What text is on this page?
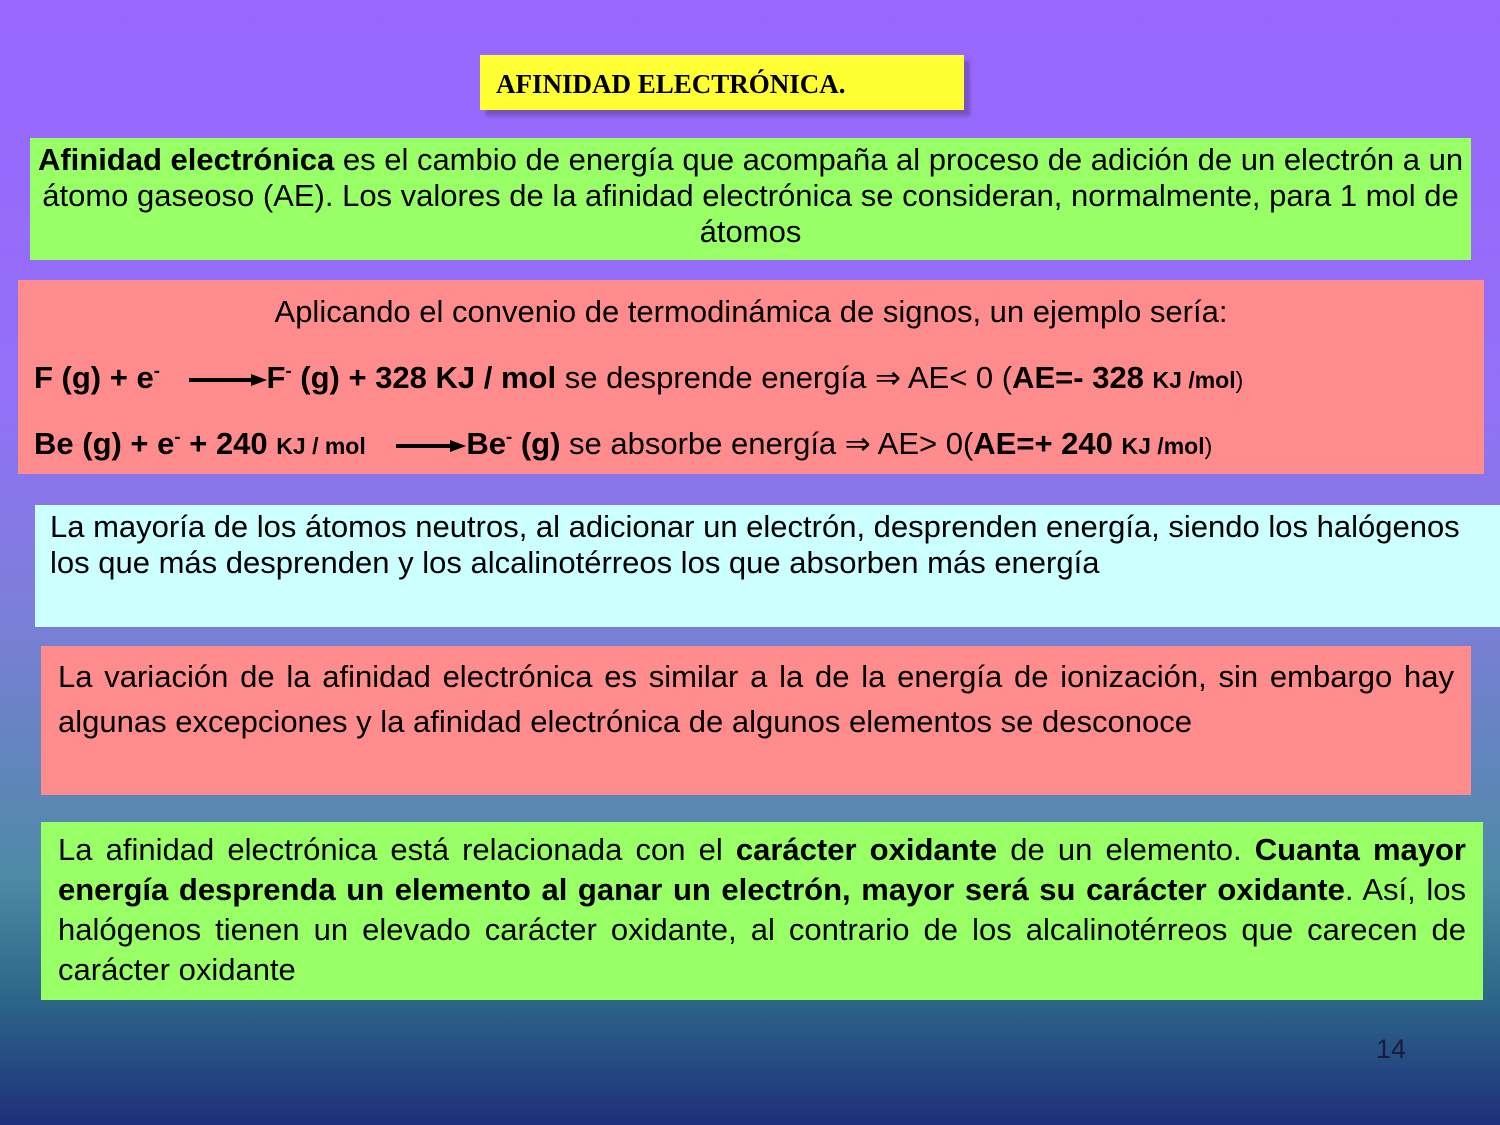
AFINIDAD ELECTRÓNICA.
Afinidad electrónica es el cambio de energía que acompaña al proceso de adición de un electrón a un átomo gaseoso (AE). Los valores de la afinidad electrónica se consideran, normalmente, para 1 mol de átomos
Aplicando el convenio de termodinámica de signos, un ejemplo sería:
F (g) + e- →F- (g) + 328 KJ / mol se desprende energía ⇒ AE< 0 (AE=- 328 KJ /mol)
Be (g) + e- + 240 KJ / mol →Be- (g) se absorbe energía ⇒ AE> 0(AE=+ 240 KJ /mol)
La mayoría de los átomos neutros, al adicionar un electrón, desprenden energía, siendo los halógenos los que más desprenden y los alcalinotérreos los que absorben más energía
La variación de la afinidad electrónica es similar a la de la energía de ionización, sin embargo hay algunas excepciones y la afinidad electrónica de algunos elementos se desconoce
La afinidad electrónica está relacionada con el carácter oxidante de un elemento. Cuanta mayor energía desprenda un elemento al ganar un electrón, mayor será su carácter oxidante. Así, los halógenos tienen un elevado carácter oxidante, al contrario de los alcalinotérreos que carecen de carácter oxidante
14
